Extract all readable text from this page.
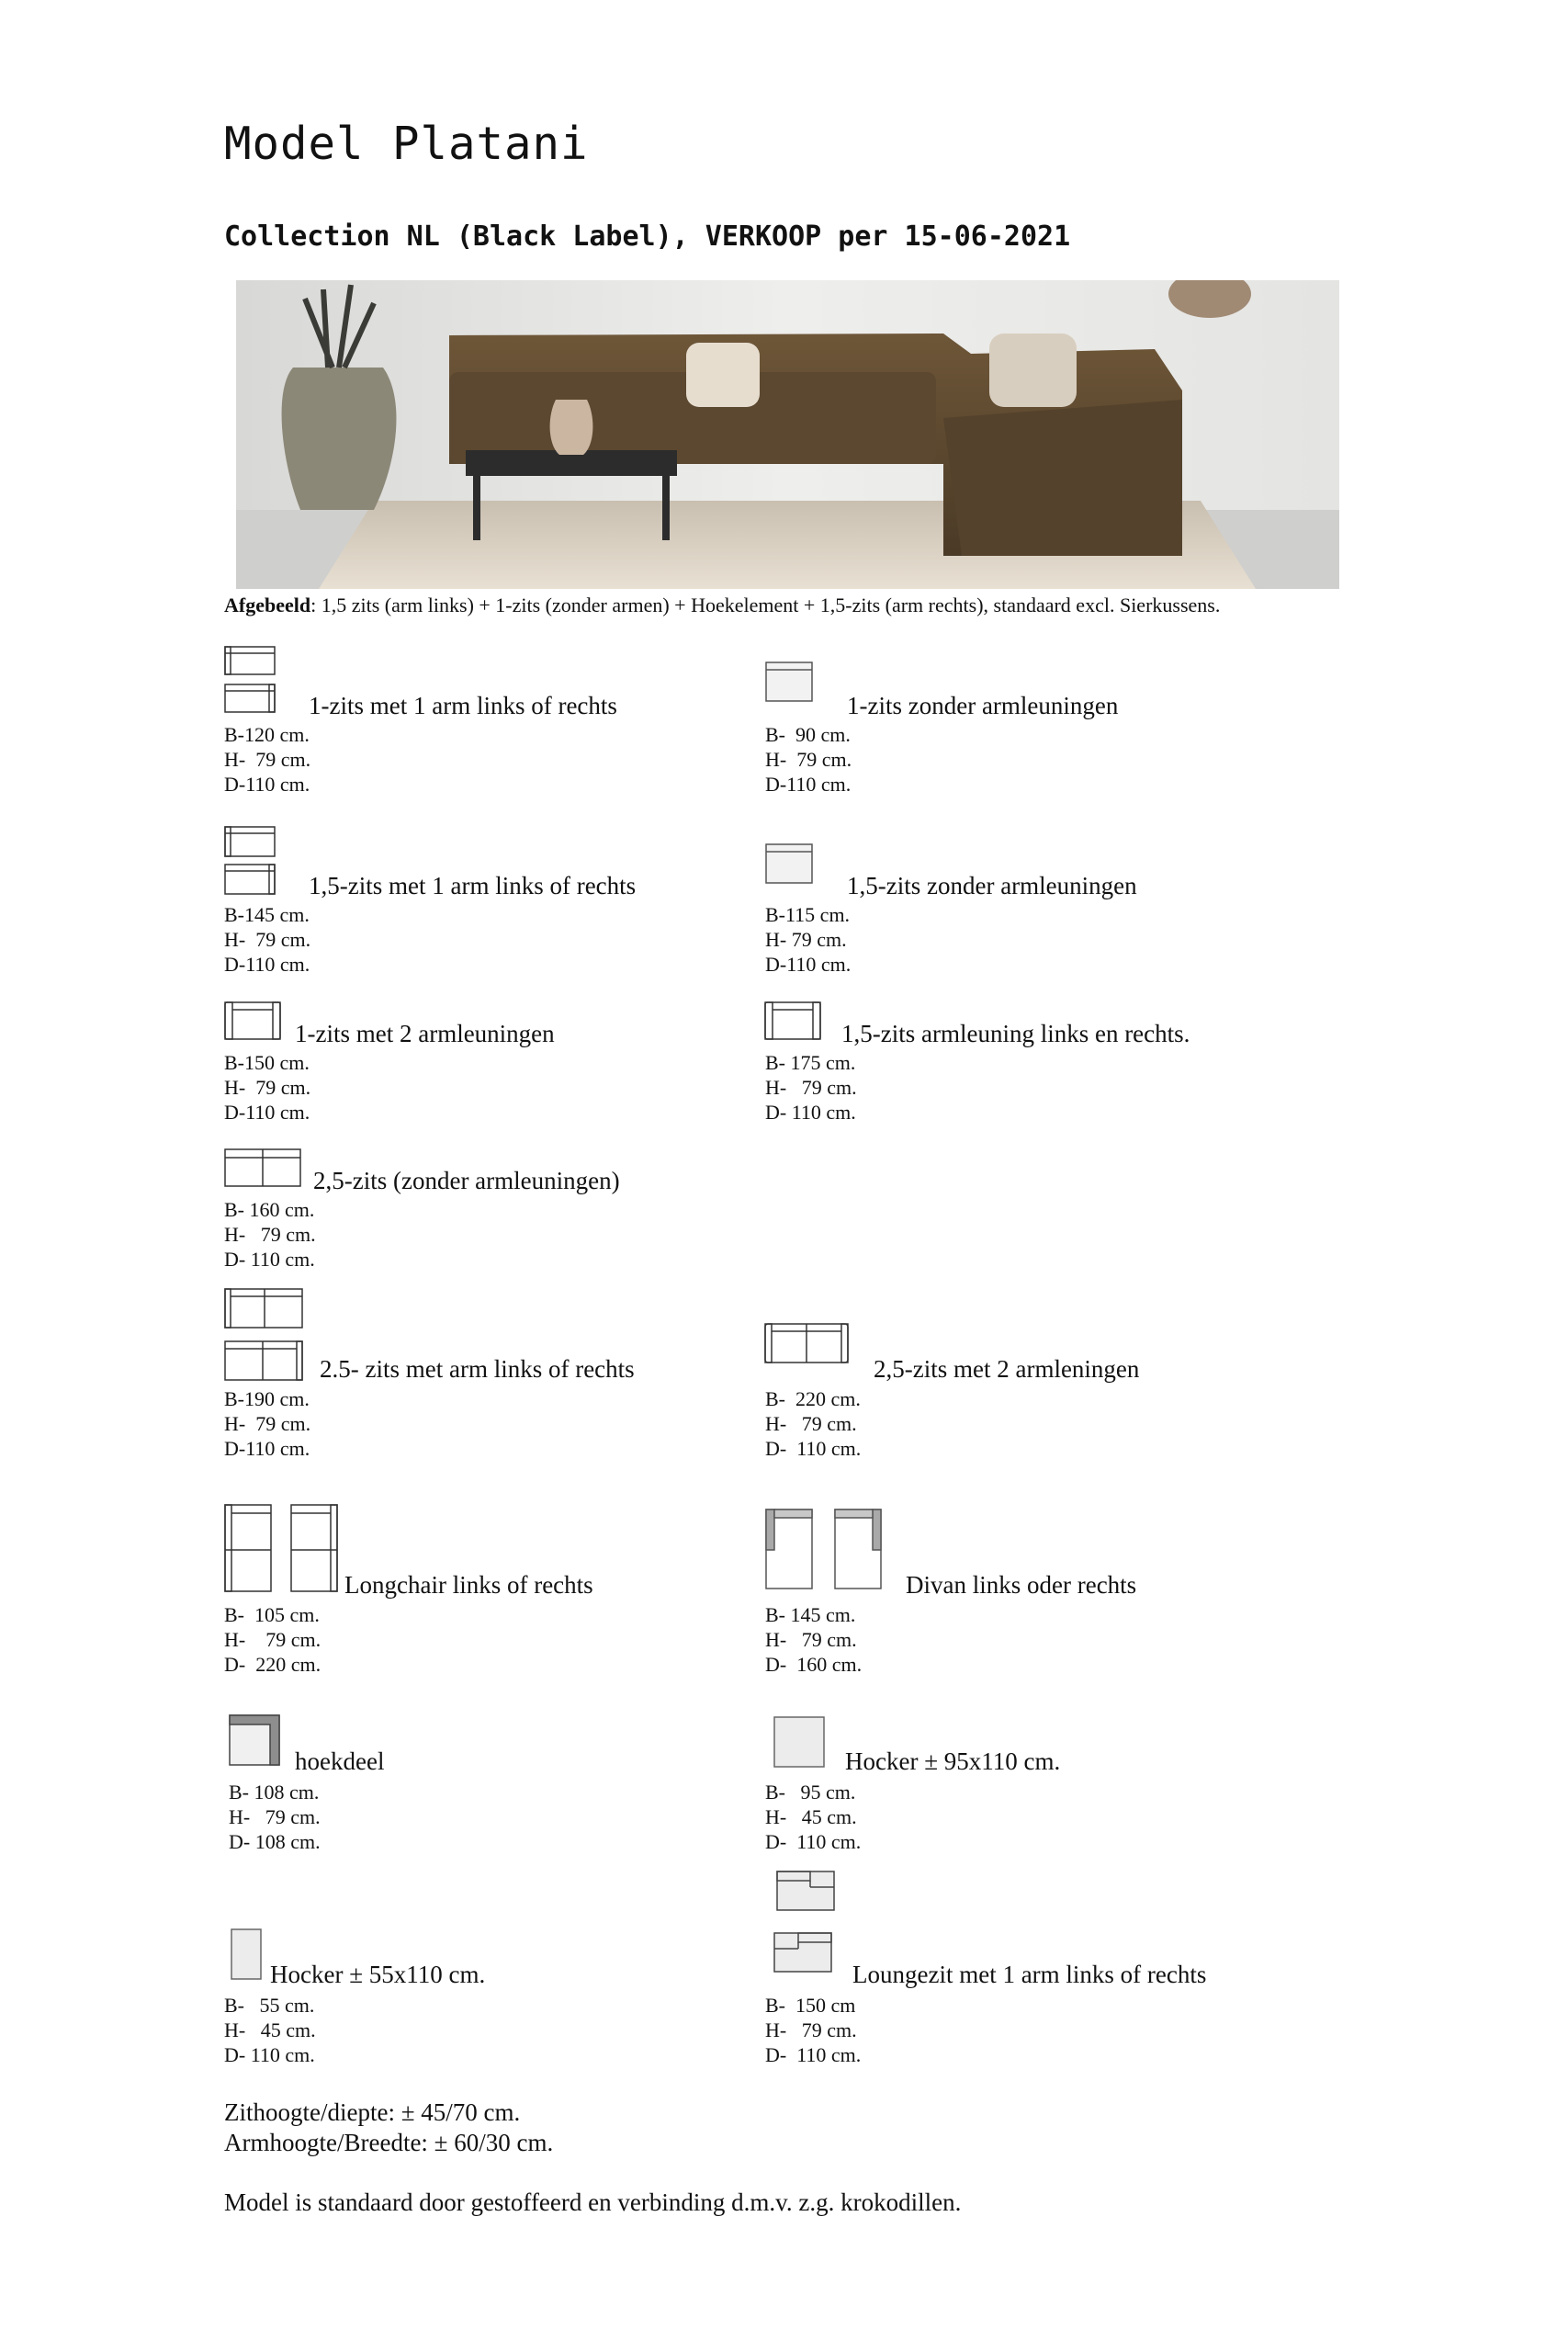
Model Platani
Collection NL (Black Label), VERKOOP per 15-06-2021
Afgebeeld: 1,5 zits (arm links) + 1-zits (zonder armen) + Hoekelement + 1,5-zits (arm rechts), standaard excl. Sierkussens.
1-zits met 1 arm links of rechts
B-120 cm.
H-  79 cm.
D-110 cm.
1-zits zonder armleuningen
B-  90 cm.
H-  79 cm.
D-110 cm.
1,5-zits met 1 arm links of rechts
B-145 cm.
H-  79 cm.
D-110 cm.
1,5-zits zonder armleuningen
B-115 cm.
H- 79 cm.
D-110 cm.
1-zits met 2 armleuningen
B-150 cm.
H-  79 cm.
D-110 cm.
1,5-zits armleuning links en rechts.
B- 175 cm.
H-   79 cm.
D- 110 cm.
2,5-zits (zonder armleuningen)
B- 160 cm.
H-   79 cm.
D- 110 cm.
2.5- zits met arm links of rechts
B-190 cm.
H-  79 cm.
D-110 cm.
2,5-zits met 2 armleningen
B-  220 cm.
H-   79 cm.
D-  110 cm.
Longchair links of rechts
B-  105 cm.
H-    79 cm.
D-  220 cm.
Divan links oder rechts
B- 145 cm.
H-   79 cm.
D-  160 cm.
hoekdeel
B- 108 cm.
H-   79 cm.
D- 108 cm.
Hocker ± 95x110 cm.
B-   95 cm.
H-   45 cm.
D-  110 cm.
Hocker ± 55x110 cm.
B-   55 cm.
H-   45 cm.
D- 110 cm.
Loungezit met 1 arm links of rechts
B-  150 cm
H-   79 cm.
D-  110 cm.
Zithoogte/diepte: ± 45/70 cm.
Armhoogte/Breedte: ± 60/30 cm.
Model is standaard door gestoffeerd en verbinding d.m.v. z.g. krokodillen.
